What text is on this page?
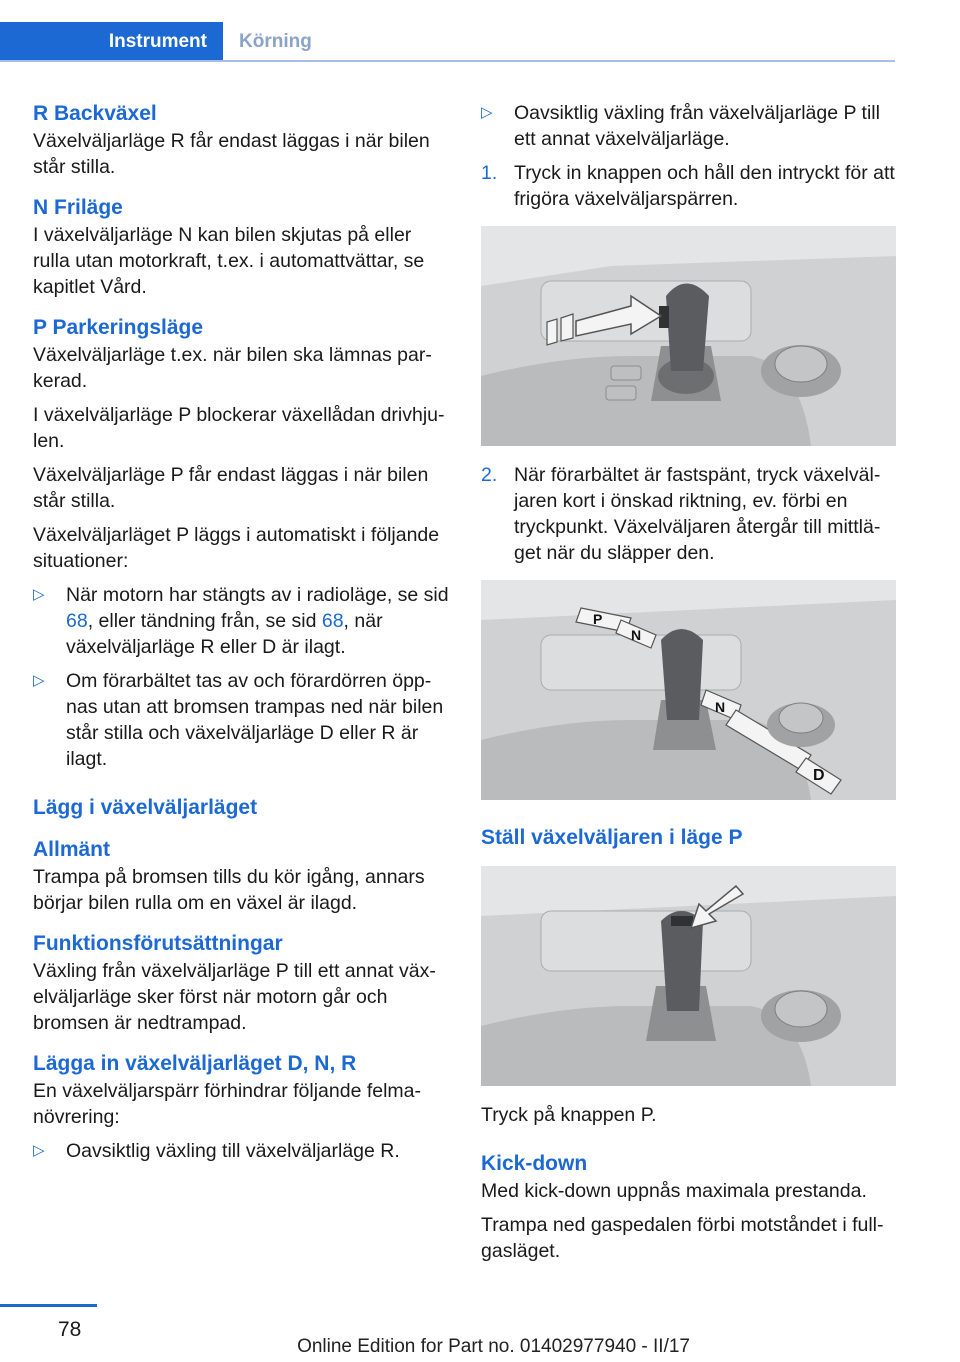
Instrument	Körning
R Backväxel

Växelväljarläge R får endast läggas i när bilen står stilla.

N Friläge

I växelväljarläge N kan bilen skjutas på eller rulla utan motorkraft, t.ex. i automattvättar, se kapitlet Vård.

P Parkeringsläge

Växelväljarläge t.ex. när bilen ska lämnas parkerad.

I växelväljarläge P blockerar växellådan drivhjulen.

Växelväljarläge P får endast läggas i när bilen står stilla.

Växelväljarläget P läggs i automatiskt i följande situationer:

▷ När motorn har stängts av i radioläge, se sid 68, eller tändning från, se sid 68, när växelväljarläge R eller D är ilagt.
▷ Om förarbältet tas av och förardörren öppnas utan att bromsen trampas ned när bilen står stilla och växelväljarläge D eller R är ilagt.
Lägg i växelväljarläget
Allmänt

Trampa på bromsen tills du kör igång, annars börjar bilen rulla om en växel är ilagd.

Funktionsförutsättningar

Växling från växelväljarläge P till ett annat växelväljarläge sker först när motorn går och bromsen är nedtrampad.

Lägga in växelväljarläget D, N, R

En växelväljarspärr förhindrar följande felmanövrering:

▷ Oavsiktlig växling till växelväljarläge R.
▷ Oavsiktlig växling från växelväljarläge P till ett annat växelväljarläge.
1. Tryck in knappen och håll den intryckt för att frigöra växelväljarspärren.
2. När förarbältet är fastspänt, tryck växelväljaren kort i önskad riktning, ev. förbi en tryckpunkt. Växelväljaren återgår till mittläget när du släpper den.
P
N
N
D
Ställ växelväljaren i läge P

Tryck på knappen P.

Kick-down

Med kick-down uppnås maximala prestanda.

Trampa ned gaspedalen förbi motståndet i fullgasläget.

78
Online Edition for Part no. 01402977940 - II/17
